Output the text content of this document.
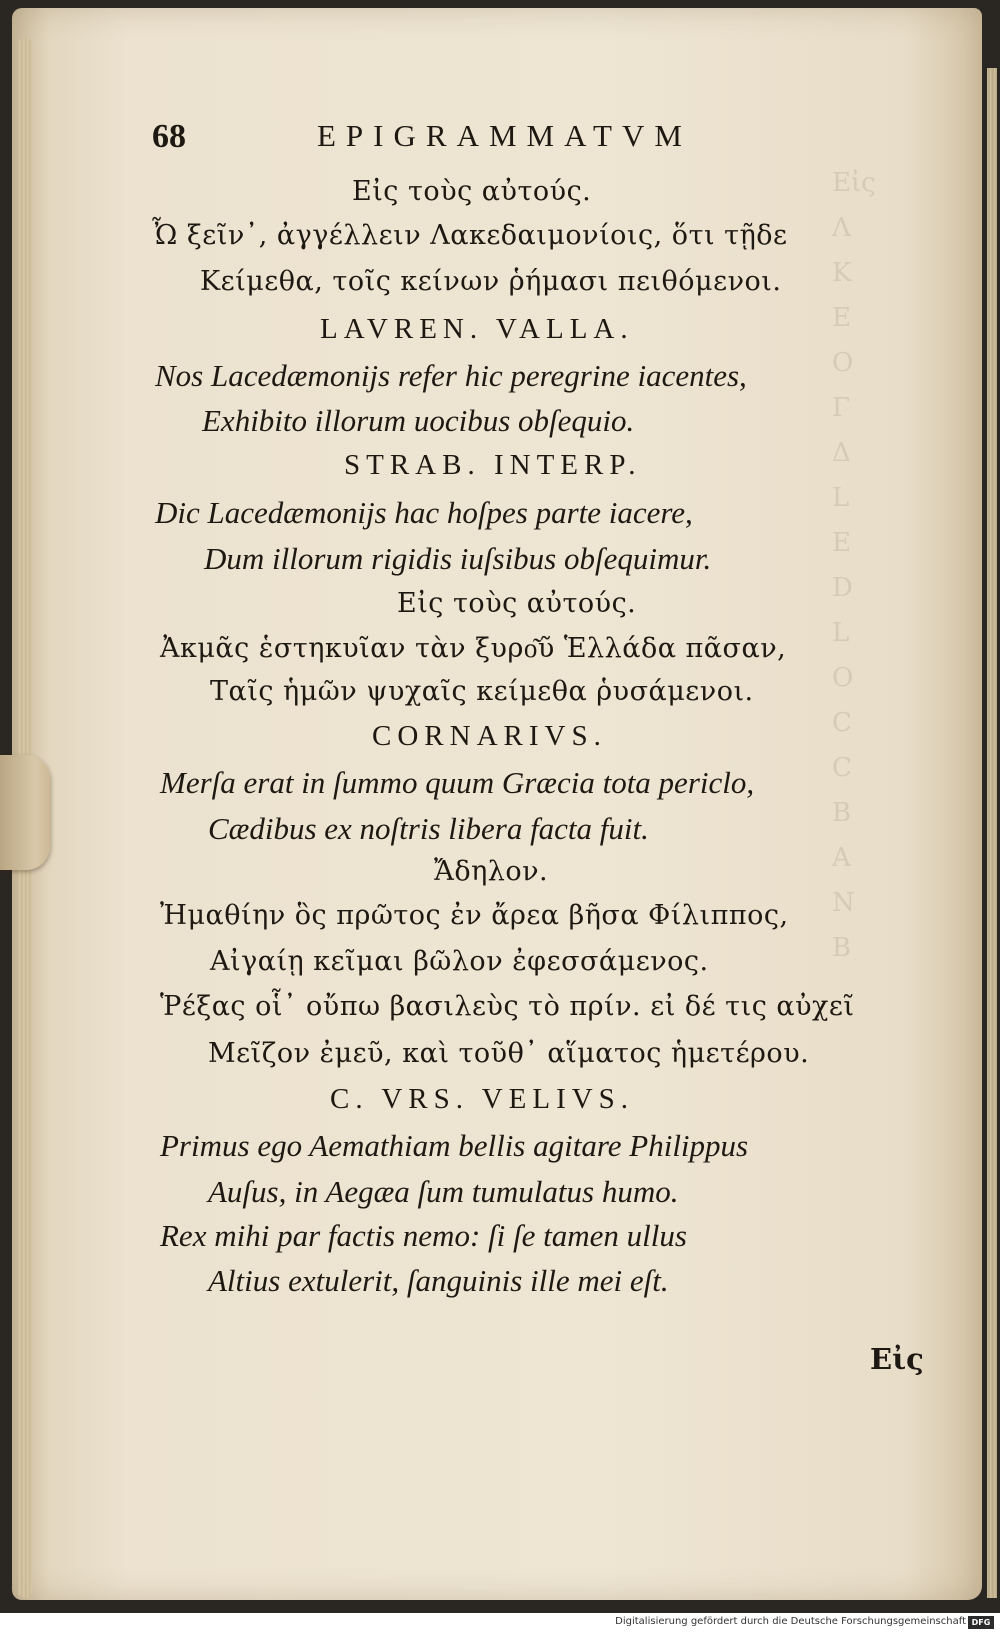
Εἰς
Λ
Κ
Ε
Ο
Γ
Δ
L
Ε
D
L
Ο
C
C
B
A
N
B

68	EPIGRAMMATVM

Εἰς τοὺς αὐτούς.

Ὦ ξεῖν᾽, ἀγγέλλειν Λακεδαιμονίοις, ὅτι τῇδε

Κείμεθα, τοῖς κείνων ῥήμασι πειθόμενοι.

LAVREN. VALLA.

Nos Lacedæmonijs refer hic peregrine iacentes,

Exhibito illorum uocibus obſequio.

STRAB. INTERP.

Dic Lacedæmonijs hac hoſpes parte iacere,

Dum illorum rigidis iuſsibus obſequimur.

Εἰς τοὺς αὐτούς.

Ἀκμᾶς ἑστηκυῖαν τὰν ξυρο͂ῦ Ἑλλάδα πᾶσαν,

Ταῖς ἡμῶν ψυχαῖς κείμεθα ῥυσάμενοι.

CORNARIVS.

Merſa erat in ſummo quum Græcia tota periclo,

Cædibus ex noſtris libera facta fuit.

Ἄδηλον.

Ἠμαθίην ὃς πρῶτος ἐν ἄρεα βῆσα Φίλιππος,

Αἰγαίῃ κεῖμαι βῶλον ἐφεσσάμενος.

Ῥέξας οἷ᾽ οὔπω βασιλεὺς τὸ πρίν. εἰ δέ τις αὐχεῖ

Μεῖζον ἐμεῦ, καὶ τοῦθ᾽ αἵματος ἡμετέρου.

C. VRS. VELIVS.

Primus ego Aemathiam bellis agitare Philippus

Auſus, in Aegæa ſum tumulatus humo.

Rex mihi par factis nemo: ſi ſe tamen ullus

Altius extulerit, ſanguinis ille mei eſt.

Εἰς

Digitalisierung gefördert durch die Deutsche Forschungsgemeinschaft DFG
